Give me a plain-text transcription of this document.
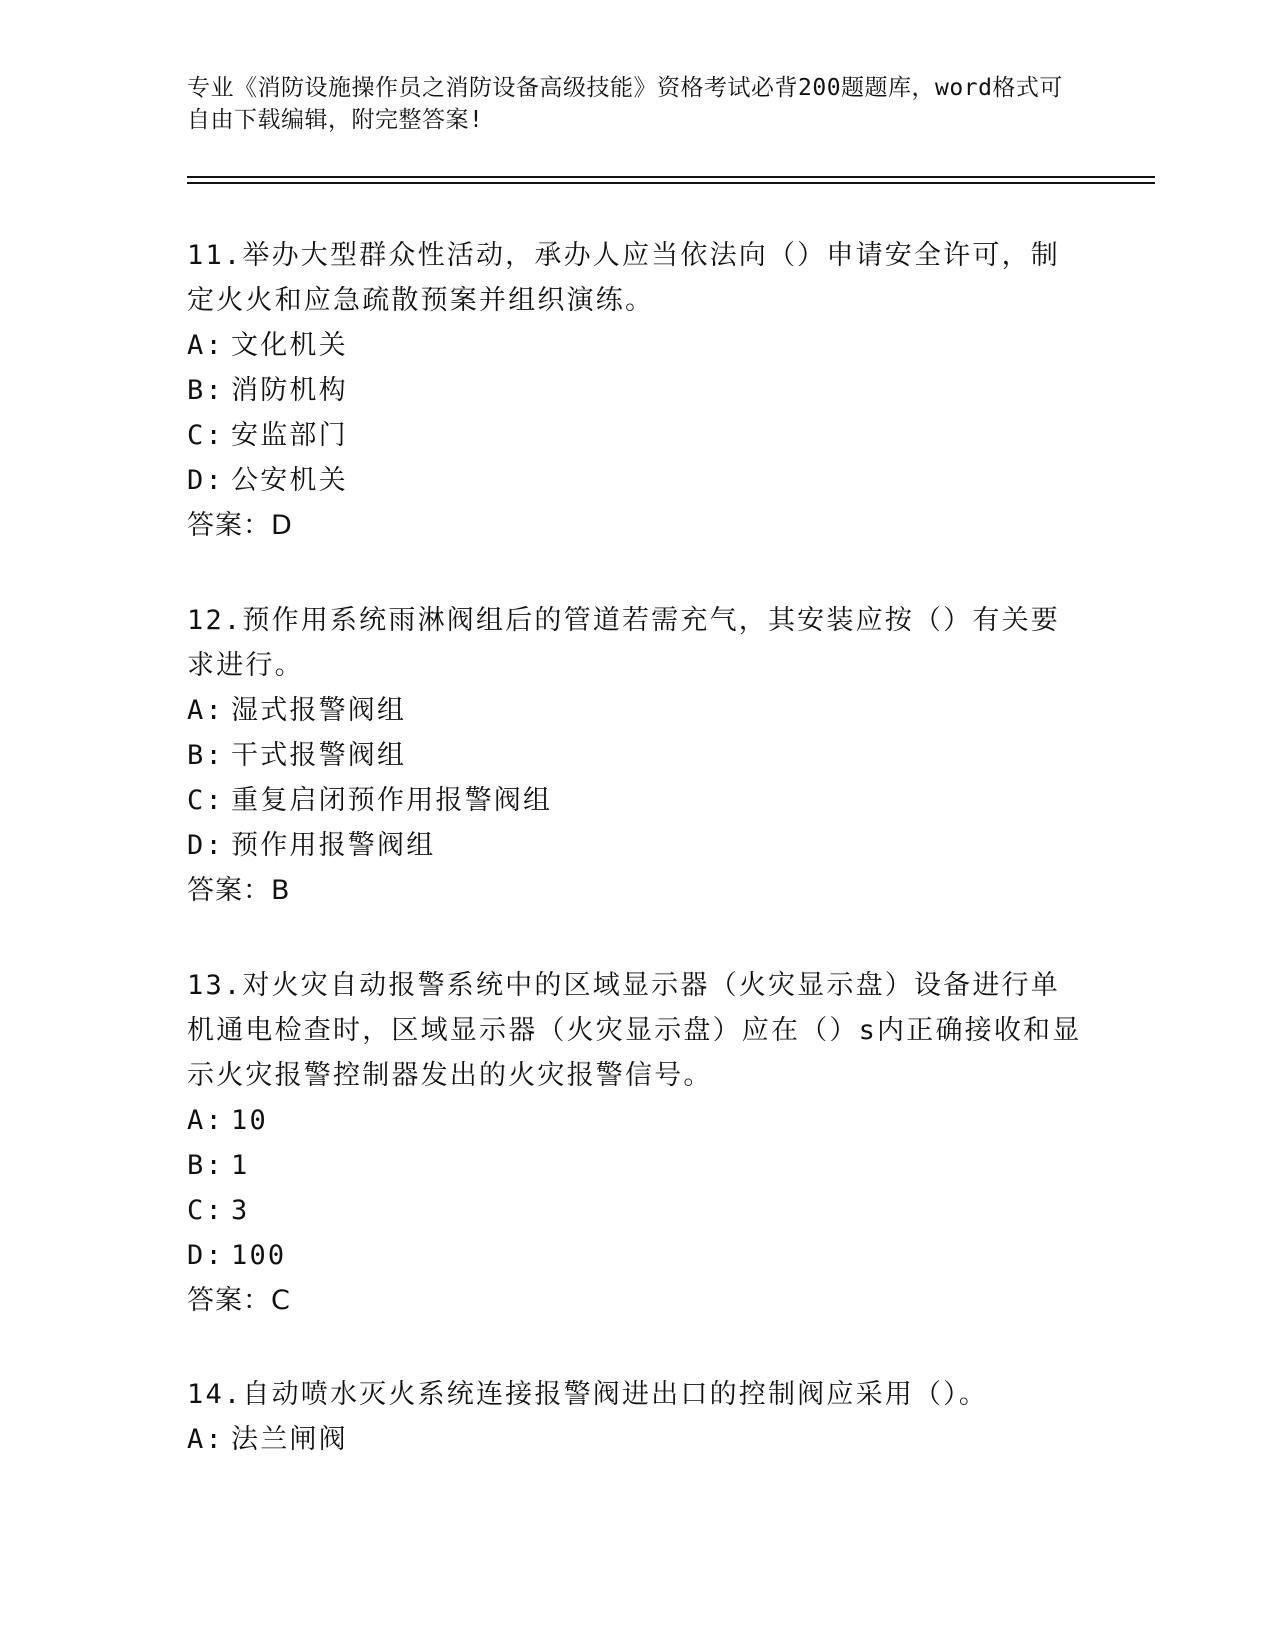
专业《消防设施操作员之消防设备高级技能》资格考试必背200题题库，word格式可自由下载编辑，附完整答案!

11.举办大型群众性活动，承办人应当依法向（）申请安全许可，制定火火和应急疏散预案并组织演练。

A: 文化机关

B: 消防机构

C: 安监部门

D: 公安机关

答案：D

12.预作用系统雨淋阀组后的管道若需充气，其安装应按（）有关要求进行。

A: 湿式报警阀组

B: 干式报警阀组

C: 重复启闭预作用报警阀组

D: 预作用报警阀组

答案：B

13.对火灾自动报警系统中的区域显示器（火灾显示盘）设备进行单机通电检查时，区域显示器（火灾显示盘）应在（）s内正确接收和显示火灾报警控制器发出的火灾报警信号。

A: 10

B: 1

C: 3

D: 100

答案：C

14.自动喷水灭火系统连接报警阀进出口的控制阀应采用（）。

A: 法兰闸阀
